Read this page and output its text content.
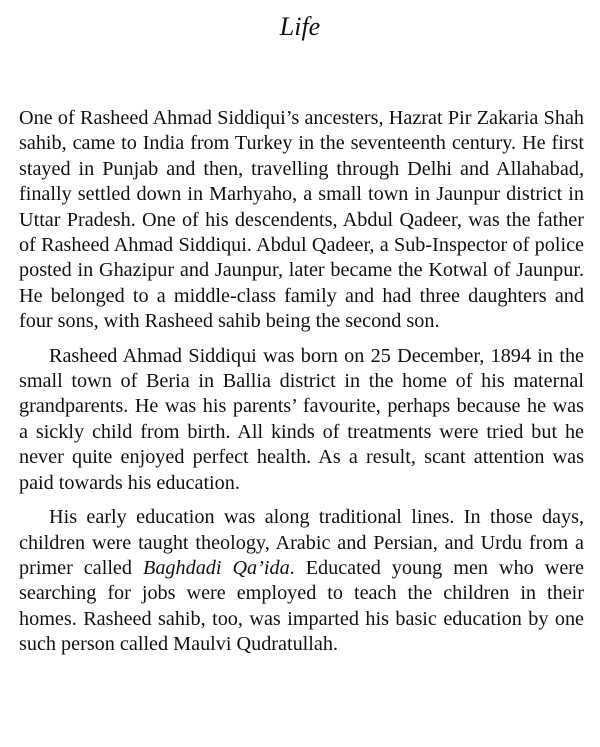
Life

One of Rasheed Ahmad Siddiqui’s ancesters, Hazrat Pir Zakaria Shah sahib, came to India from Turkey in the seventeenth century. He first stayed in Punjab and then, travelling through Delhi and Allahabad, finally settled down in Marhyaho, a small town in Jaunpur district in Uttar Pradesh. One of his descendents, Abdul Qadeer, was the father of Rasheed Ahmad Siddiqui. Abdul Qadeer, a Sub-Inspector of police posted in Ghazipur and Jaunpur, later became the Kotwal of Jaunpur. He belonged to a middle-class family and had three daughters and four sons, with Rasheed sahib being the second son.

Rasheed Ahmad Siddiqui was born on 25 December, 1894 in the small town of Beria in Ballia district in the home of his maternal grandparents. He was his parents’ favourite, perhaps because he was a sickly child from birth. All kinds of treatments were tried but he never quite enjoyed perfect health. As a result, scant attention was paid towards his education.

His early education was along traditional lines. In those days, children were taught theology, Arabic and Persian, and Urdu from a primer called Baghdadi Qa’ida. Educated young men who were searching for jobs were employed to teach the children in their homes. Rasheed sahib, too, was imparted his basic education by one such person called Maulvi Qudratullah.
